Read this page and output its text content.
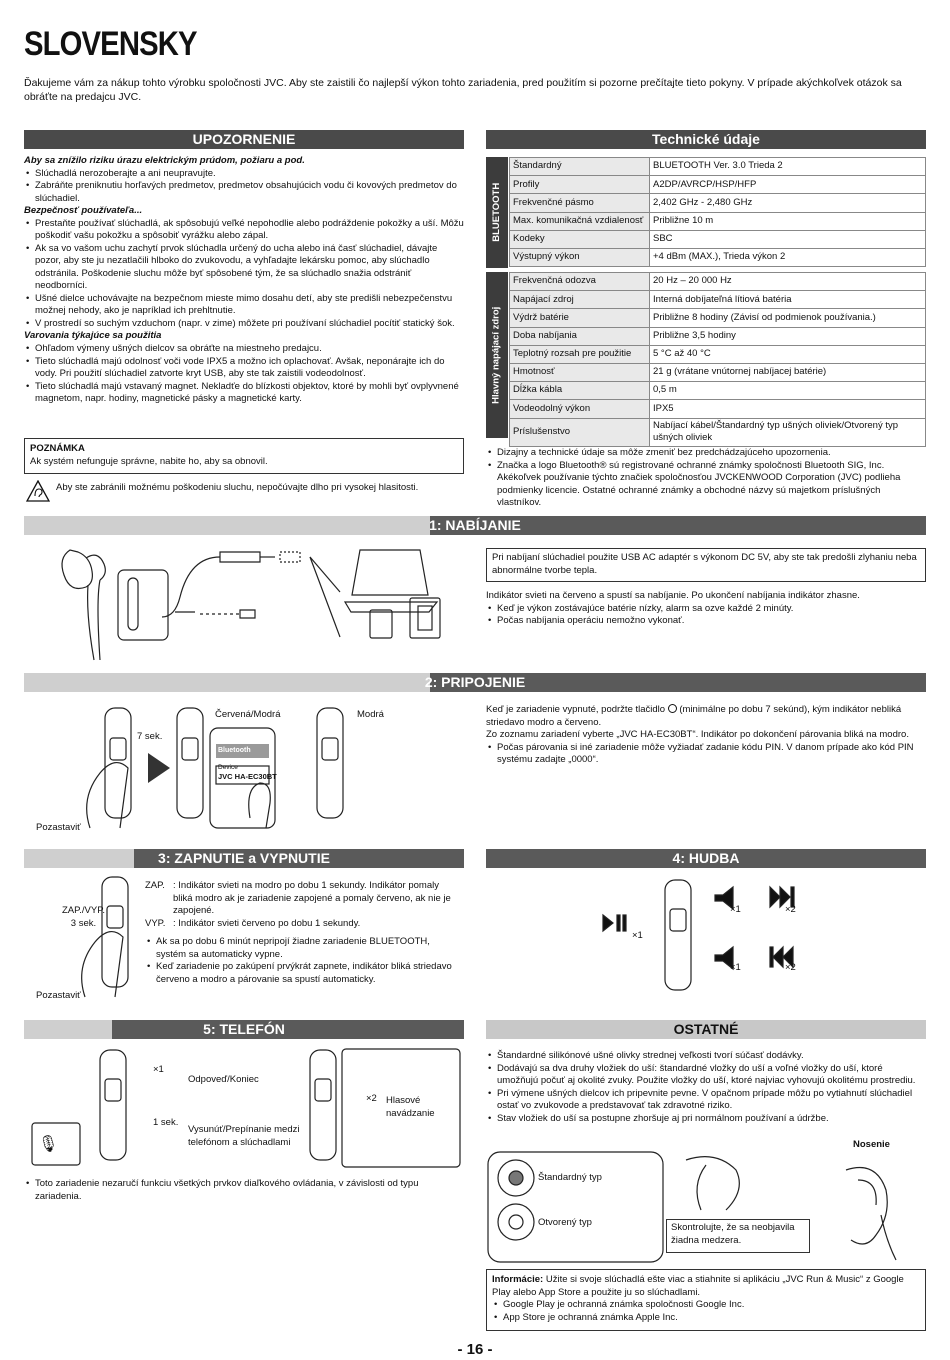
SLOVENSKY
Ďakujeme vám za nákup tohto výrobku spoločnosti JVC. Aby ste zaistili čo najlepší výkon tohto zariadenia, pred použitím si pozorne prečítajte tieto pokyny. V prípade akýchkoľvek otázok sa obráťte na predajcu JVC.
UPOZORNENIE
Aby sa znížilo riziku úrazu elektrickým prúdom, požiaru a pod.
• Slúchadlá nerozoberajte a ani neupravujte.
• Zabráňte preniknutiu horľavých predmetov, predmetov obsahujúcich vodu či kovových predmetov do slúchadiel.
Bezpečnosť používateľa...
• Prestaňte používať slúchadlá, ak spôsobujú veľké nepohodlie alebo podráždenie pokožky a uší. Môžu poškodiť vašu pokožku a spôsobiť vyrážku alebo zápal.
• Ak sa vo vašom uchu zachytí prvok slúchadla určený do ucha alebo iná časť slúchadiel, dávajte pozor, aby ste ju nezatlačili hlboko do zvukovodu, a vyhľadajte lekársku pomoc, aby slúchadlo odstránila. Poškodenie sluchu môže byť spôsobené tým, že sa slúchadlo snažia odstrániť neodborníci.
• Ušné dielce uchovávajte na bezpečnom mieste mimo dosahu detí, aby ste predišli nebezpečenstvu možnej nehody, ako je napríklad ich prehltnutie.
• V prostredí so suchým vzduchom (napr. v zime) môžete pri používaní slúchadiel pocítiť statický šok.
Varovania týkajúce sa použitia
• Ohľadom výmeny ušných dielcov sa obráťte na miestneho predajcu.
• Tieto slúchadlá majú odolnosť voči vode IPX5 a možno ich oplachovať. Avšak, neponárajte ich do vody. Pri použití slúchadiel zatvorte kryt USB, aby ste tak zaistili vodeodolnosť.
• Tieto slúchadlá majú vstavaný magnet. Nekladťe do blízkosti objektov, ktoré by mohli byť ovplyvnené magnetom, napr. hodiny, magnetické pásky a magnetické karty.
POZNÁMKA
Ak systém nefunguje správne, nabite ho, aby sa obnovil.
Aby ste zabránili možnému poškodeniu sluchu, nepočúvajte dlho pri vysokej hlasitosti.
Technické údaje
BLUETOOTH
Štandardný	BLUETOOTH Ver. 3.0 Trieda 2
Profily	A2DP/AVRCP/HSP/HFP
Frekvenčné pásmo	2,402 GHz - 2,480 GHz
Max. komunikačná vzdialenosť	Približne 10 m
Kodeky	SBC
Výstupný výkon	+4 dBm (MAX.), Trieda výkon 2
Hlavný napájací zdroj
Frekvenčná odozva	20 Hz – 20 000 Hz
Napájací zdroj	Interná dobíjateľná lítiová batéria
Výdrž batérie	Približne 8 hodiny (Závisí od podmienok používania.)
Doba nabíjania	Približne 3,5 hodiny
Teplotný rozsah pre použitie	5 °C až 40 °C
Hmotnosť	21 g (vrátane vnútornej nabíjacej batérie)
Dĺžka kábla	0,5 m
Vodeodolný výkon	IPX5
Príslušenstvo	Nabíjací kábel/Štandardný typ ušných oliviek/Otvorený typ ušných oliviek
• Dizajny a technické údaje sa môže zmeniť bez predchádzajúceho upozornenia.
• Značka a logo Bluetooth® sú registrované ochranné známky spoločnosti Bluetooth SIG, Inc. Akékoľvek používanie týchto značiek spoločnosťou JVCKENWOOD Corporation (JVC) podlieha podmienky licencie. Ostatné ochranné známky a obchodné názvy sú majetkom príslušných vlastníkov.
1: NABÍJANIE
Pri nabíjaní slúchadiel použite USB AC adaptér s výkonom DC 5V, aby ste tak predošli zlyhaniu neba abnormálne tvorbe tepla.
Indikátor svieti na červeno a spustí sa nabíjanie. Po ukončení nabíjania indikátor zhasne.
• Keď je výkon zostávajúce batérie nízky, alarm sa ozve každé 2 minúty.
• Počas nabíjania operáciu nemožno vykonať.
2: PRIPOJENIE
7 sek.
Červená/Modrá	Modrá
Pozastaviť
Bluetooth
Device
JVC HA-EC30BT
Keď je zariadenie vypnuté, podržte tlačidlo (minimálne po dobu 7 sekúnd), kým indikátor nebliká striedavo modro a červeno.
Zo zoznamu zariadení vyberte „JVC HA-EC30BT“. Indikátor po dokončení párovania bliká na modro.
• Počas párovania si iné zariadenie môže vyžiadať zadanie kódu PIN. V danom prípade ako kód PIN systému zadajte „0000“.
3: ZAPNUTIE a VYPNUTIE
ZAP./VYP.
3 sek.
Pozastaviť
ZAP. : Indikátor svieti na modro po dobu 1 sekundy. Indikátor pomaly bliká modro ak je zariadenie zapojené a pomaly červeno, ak nie je zapojené.
VYP. : Indikátor svieti červeno po dobu 1 sekundy.
• Ak sa po dobu 6 minút nepripojí žiadne zariadenie BLUETOOTH, systém sa automaticky vypne.
• Keď zariadenie po zakúpení prvýkrát zapnete, indikátor bliká striedavo červeno a modro a párovanie sa spustí automaticky.
4: HUDBA
×1
×1	×2
×1	×2
5: TELEFÓN
🎙
×1
Odpoveď/Koniec
1 sek.
Vysunúť/Prepínanie medzi telefónom a slúchadlami
×2 Hlasové navádzanie
• Toto zariadenie nezaručí funkciu všetkých prvkov diaľkového ovládania, v závislosti od typu zariadenia.
OSTATNÉ
• Štandardné silikónové ušné olivky strednej veľkosti tvorí súčasť dodávky.
• Dodávajú sa dva druhy vložiek do uší: štandardné vložky do uší a voľné vložky do uší, ktoré umožňujú počuť aj okolité zvuky. Použite vložky do uší, ktoré najviac vyhovujú okolitému prostrediu.
• Pri výmene ušných dielcov ich pripevnite pevne. V opačnom prípade môžu po vytiahnutí slúchadiel ostať vo zvukovode a predstavovať tak zdravotné riziko.
• Stav vložiek do uší sa postupne zhoršuje aj pri normálnom používaní a údržbe.
Štandardný typ
Otvorený typ
Nosenie
Skontrolujte, že sa neobjavila žiadna medzera.
Informácie: Užite si svoje slúchadlá ešte viac a stiahnite si aplikáciu „JVC Run & Music“ z Google Play alebo App Store a použite ju so slúchadlami.
• Google Play je ochranná známka spoločnosti Google Inc.
• App Store je ochranná známka Apple Inc.
- 16 -
